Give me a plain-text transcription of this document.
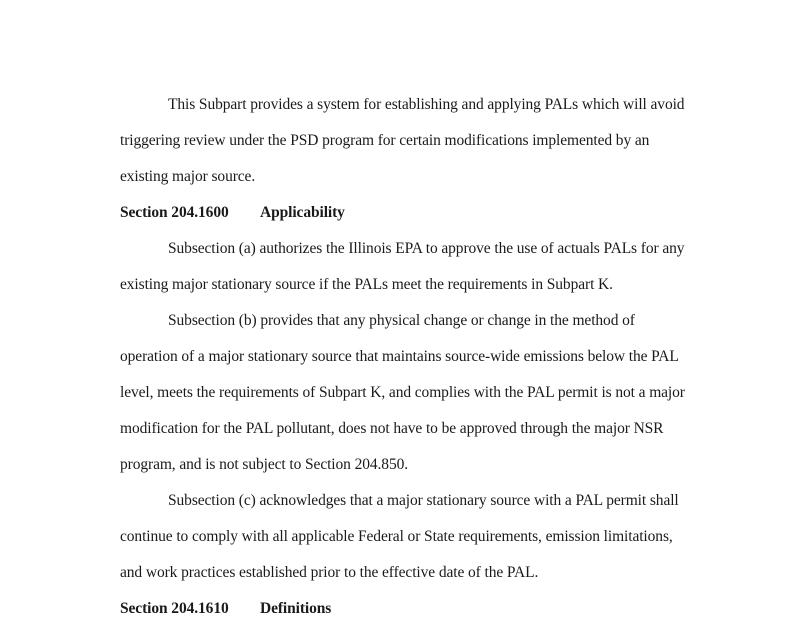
This Subpart provides a system for establishing and applying PALs which will avoid
triggering review under the PSD program for certain modifications implemented by an
existing major source.
Section 204.1600 Applicability
Subsection (a) authorizes the Illinois EPA to approve the use of actuals PALs for any
existing major stationary source if the PALs meet the requirements in Subpart K.
Subsection (b) provides that any physical change or change in the method of
operation of a major stationary source that maintains source-wide emissions below the PAL
level, meets the requirements of Subpart K, and complies with the PAL permit is not a major
modification for the PAL pollutant, does not have to be approved through the major NSR
program, and is not subject to Section 204.850.
Subsection (c) acknowledges that a major stationary source with a PAL permit shall
continue to comply with all applicable Federal or State requirements, emission limitations,
and work practices established prior to the effective date of the PAL.
Section 204.1610 Definitions
